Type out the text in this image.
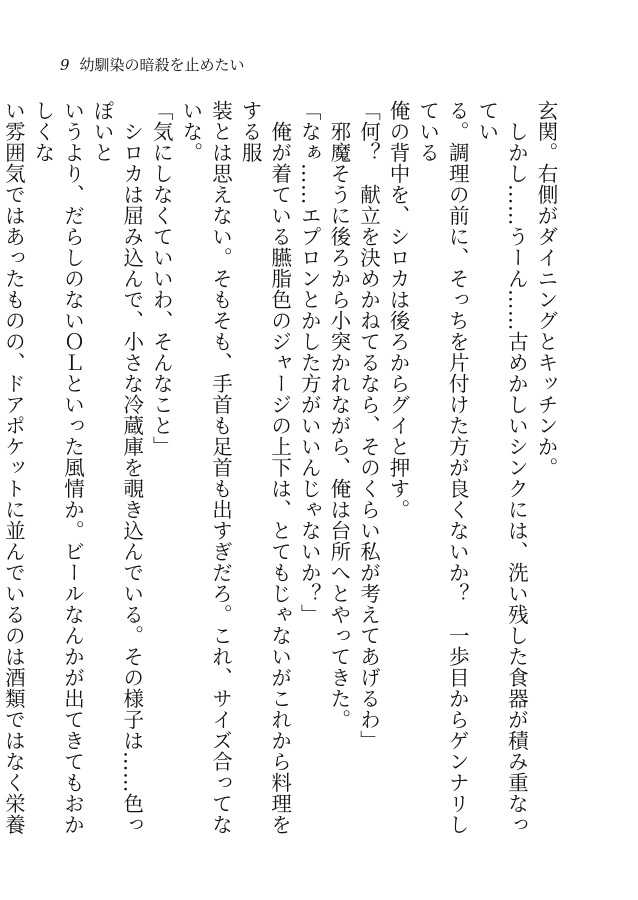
9 幼馴染の暗殺を止めたい

玄関。右側がダイニングとキッチンか。

　しかし……うーん……古めかしいシンクには、洗い残した食器が積み重なってい

る。調理の前に、そっちを片付けた方が良くないか？　一歩目からゲンナリしている

俺の背中を、シロカは後ろからグイと押す。

「何？　献立を決めかねてるなら、そのくらい私が考えてあげるわ」

　邪魔そうに後ろから小突かれながら、俺は台所へとやってきた。

「なぁ……エプロンとかした方がいいんじゃないか？」

　俺が着ている臙脂色のジャージの上下は、とてもじゃないがこれから料理をする服

装とは思えない。そもそも、手首も足首も出すぎだろ。これ、サイズ合ってないな。

「気にしなくていいわ、そんなこと」

　シロカは屈み込んで、小さな冷蔵庫を覗き込んでいる。その様子は……色っぽいと

いうより、だらしのないＯＬといった風情か。ビールなんかが出てきてもおかしくな

い雰囲気ではあったものの、ドアポケットに並んでいるのは酒類ではなく栄養
